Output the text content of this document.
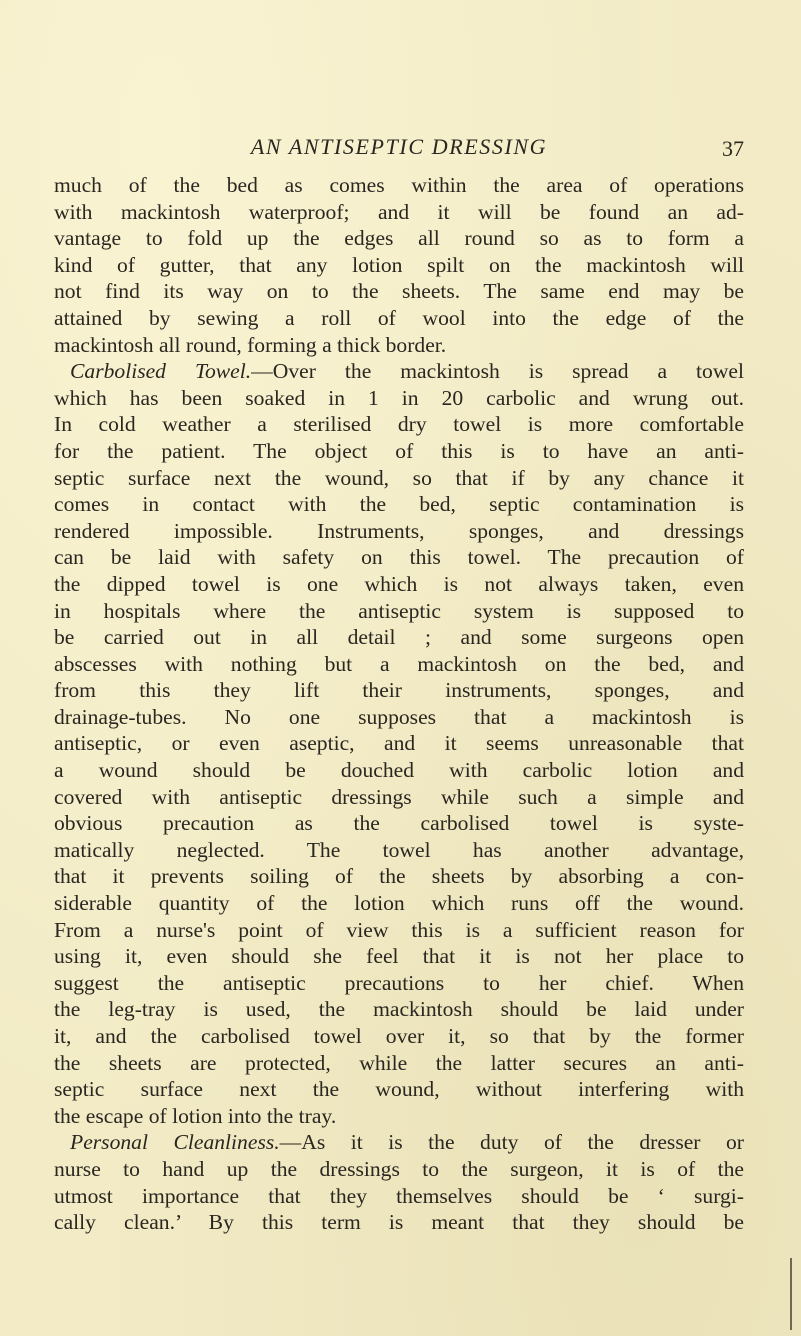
AN ANTISEPTIC DRESSING	37
much of the bed as comes within the area of operations
with mackintosh waterproof; and it will be found an ad-
vantage to fold up the edges all round so as to form a
kind of gutter, that any lotion spilt on the mackintosh will
not find its way on to the sheets. The same end may be
attained by sewing a roll of wool into the edge of the
mackintosh all round, forming a thick border.
Carbolised Towel.—Over the mackintosh is spread a towel
which has been soaked in 1 in 20 carbolic and wrung out.
In cold weather a sterilised dry towel is more comfortable
for the patient. The object of this is to have an anti-
septic surface next the wound, so that if by any chance it
comes in contact with the bed, septic contamination is
rendered impossible. Instruments, sponges, and dressings
can be laid with safety on this towel. The precaution of
the dipped towel is one which is not always taken, even
in hospitals where the antiseptic system is supposed to
be carried out in all detail ; and some surgeons open
abscesses with nothing but a mackintosh on the bed, and
from this they lift their instruments, sponges, and
drainage-tubes. No one supposes that a mackintosh is
antiseptic, or even aseptic, and it seems unreasonable that
a wound should be douched with carbolic lotion and
covered with antiseptic dressings while such a simple and
obvious precaution as the carbolised towel is syste-
matically neglected. The towel has another advantage,
that it prevents soiling of the sheets by absorbing a con-
siderable quantity of the lotion which runs off the wound.
From a nurse's point of view this is a sufficient reason for
using it, even should she feel that it is not her place to
suggest the antiseptic precautions to her chief. When
the leg-tray is used, the mackintosh should be laid under
it, and the carbolised towel over it, so that by the former
the sheets are protected, while the latter secures an anti-
septic surface next the wound, without interfering with
the escape of lotion into the tray.
Personal Cleanliness.—As it is the duty of the dresser or
nurse to hand up the dressings to the surgeon, it is of the
utmost importance that they themselves should be ‘ surgi-
cally clean.’ By this term is meant that they should be
